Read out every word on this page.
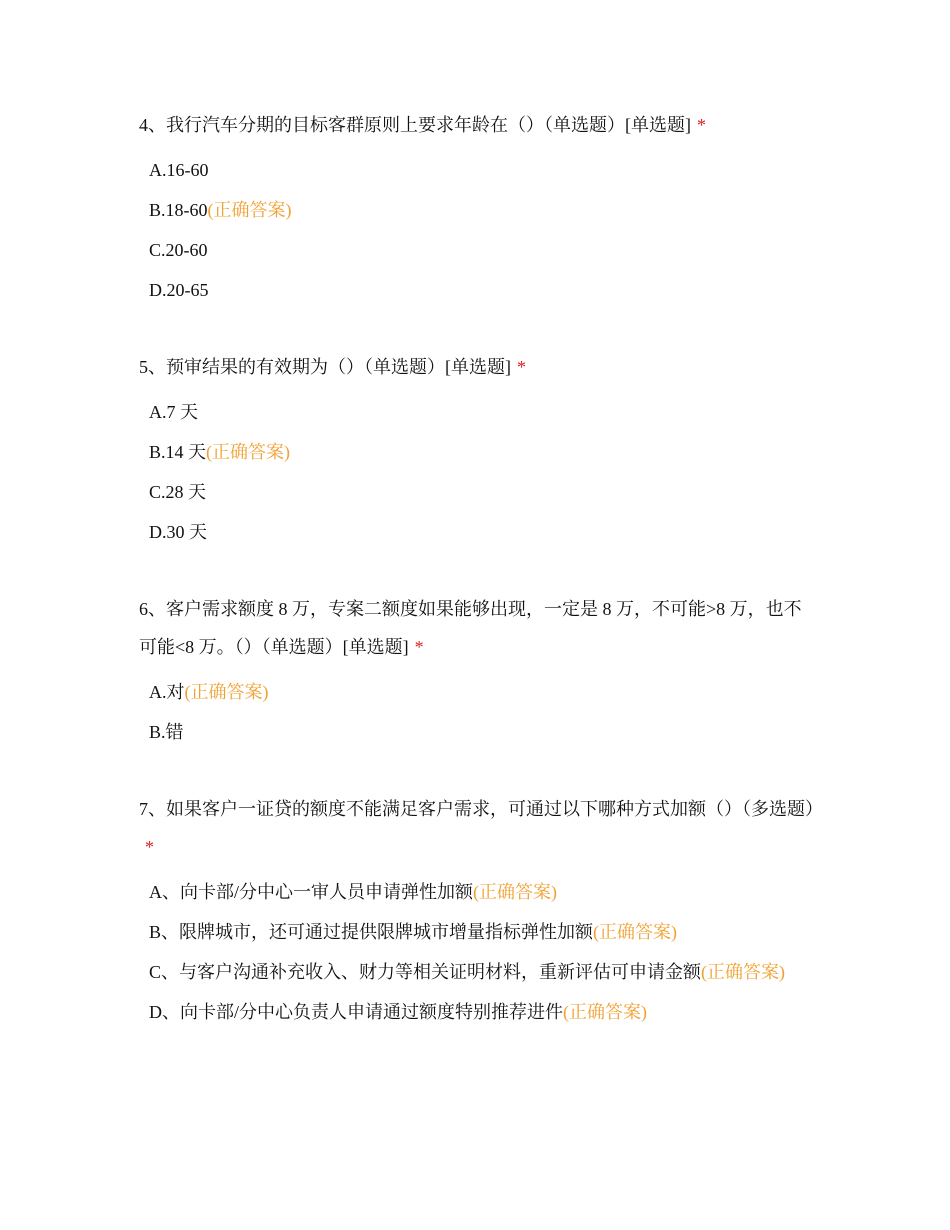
4、我行汽车分期的目标客群原则上要求年龄在（）（单选题）[单选题] *

A.16-60
B.18-60(正确答案)
C.20-60
D.20-65

5、预审结果的有效期为（）（单选题）[单选题] *

A.7 天
B.14 天(正确答案)
C.28 天
D.30 天

6、客户需求额度 8 万，专案二额度如果能够出现，一定是 8 万，不可能>8 万，也不可能<8 万。（）（单选题）[单选题] *

A.对(正确答案)
B.错

7、如果客户一证贷的额度不能满足客户需求，可通过以下哪种方式加额（）（多选题）*

A、向卡部/分中心一审人员申请弹性加额(正确答案)
B、限牌城市，还可通过提供限牌城市增量指标弹性加额(正确答案)
C、与客户沟通补充收入、财力等相关证明材料，重新评估可申请金额(正确答案)
D、向卡部/分中心负责人申请通过额度特别推荐进件(正确答案)
